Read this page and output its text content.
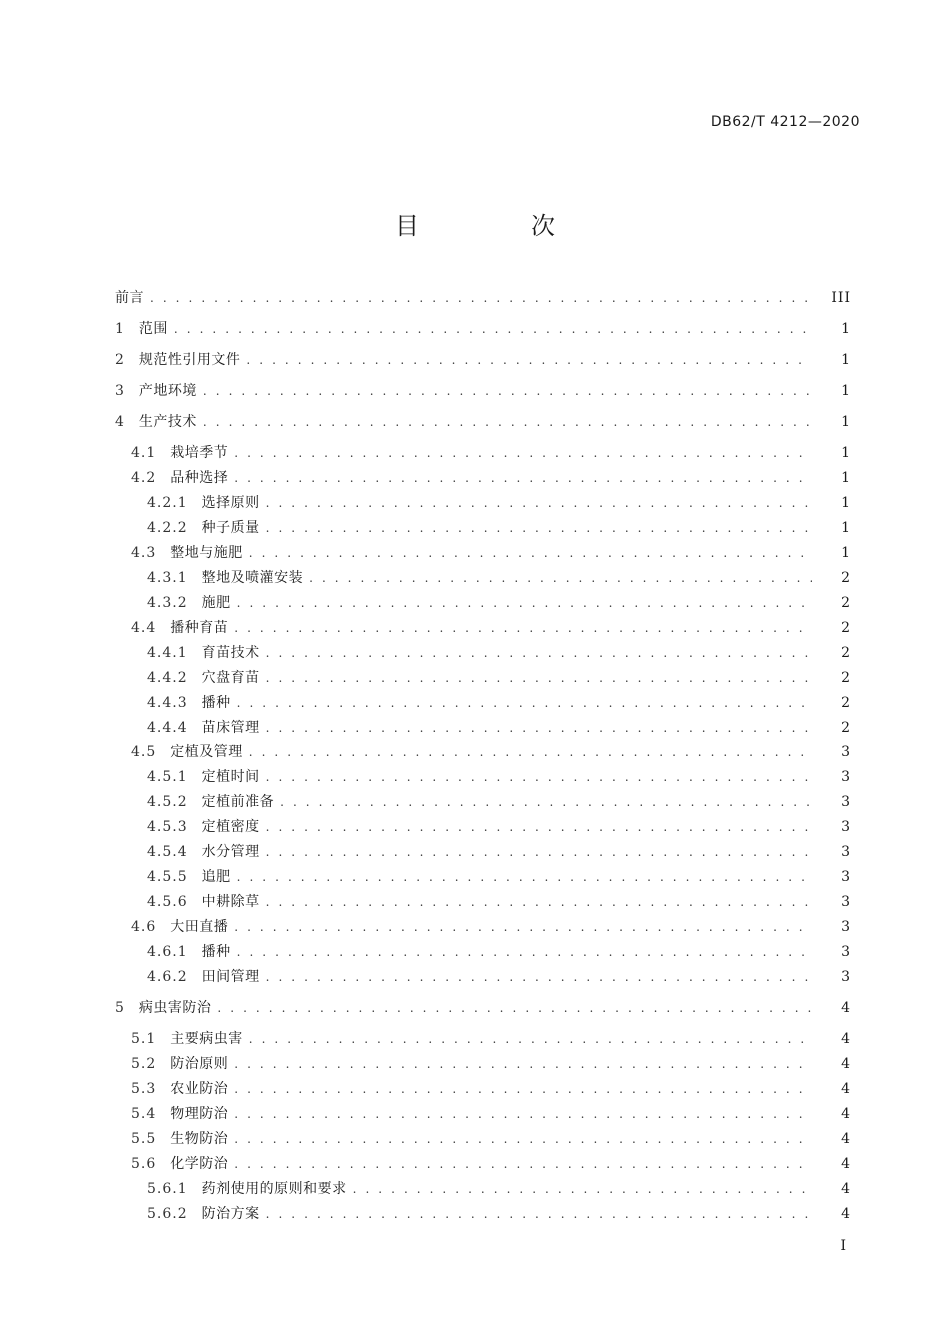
DB62/T 4212—2020
目　次
前言 . . .	III
1 范围 . . .	1
2 规范性引用文件 . . .	1
3 产地环境 . . .	1
4 生产技术 . . .	1
4.1 栽培季节 . . .	1
4.2 品种选择 . . .	1
4.2.1 选择原则 . . .	1
4.2.2 种子质量 . . .	1
4.3 整地与施肥 . . .	1
4.3.1 整地及喷灌安装 . . .	2
4.3.2 施肥 . . .	2
4.4 播种育苗 . . .	2
4.4.1 育苗技术 . . .	2
4.4.2 穴盘育苗 . . .	2
4.4.3 播种 . . .	2
4.4.4 苗床管理 . . .	2
4.5 定植及管理 . . .	3
4.5.1 定植时间 . . .	3
4.5.2 定植前准备 . . .	3
4.5.3 定植密度 . . .	3
4.5.4 水分管理 . . .	3
4.5.5 追肥 . . .	3
4.5.6 中耕除草 . . .	3
4.6 大田直播 . . .	3
4.6.1 播种 . . .	3
4.6.2 田间管理 . . .	3
5 病虫害防治 . . .	4
5.1 主要病虫害 . . .	4
5.2 防治原则 . . .	4
5.3 农业防治 . . .	4
5.4 物理防治 . . .	4
5.5 生物防治 . . .	4
5.6 化学防治 . . .	4
5.6.1 药剂使用的原则和要求 . . .	4
5.6.2 防治方案 . . .	4
I
